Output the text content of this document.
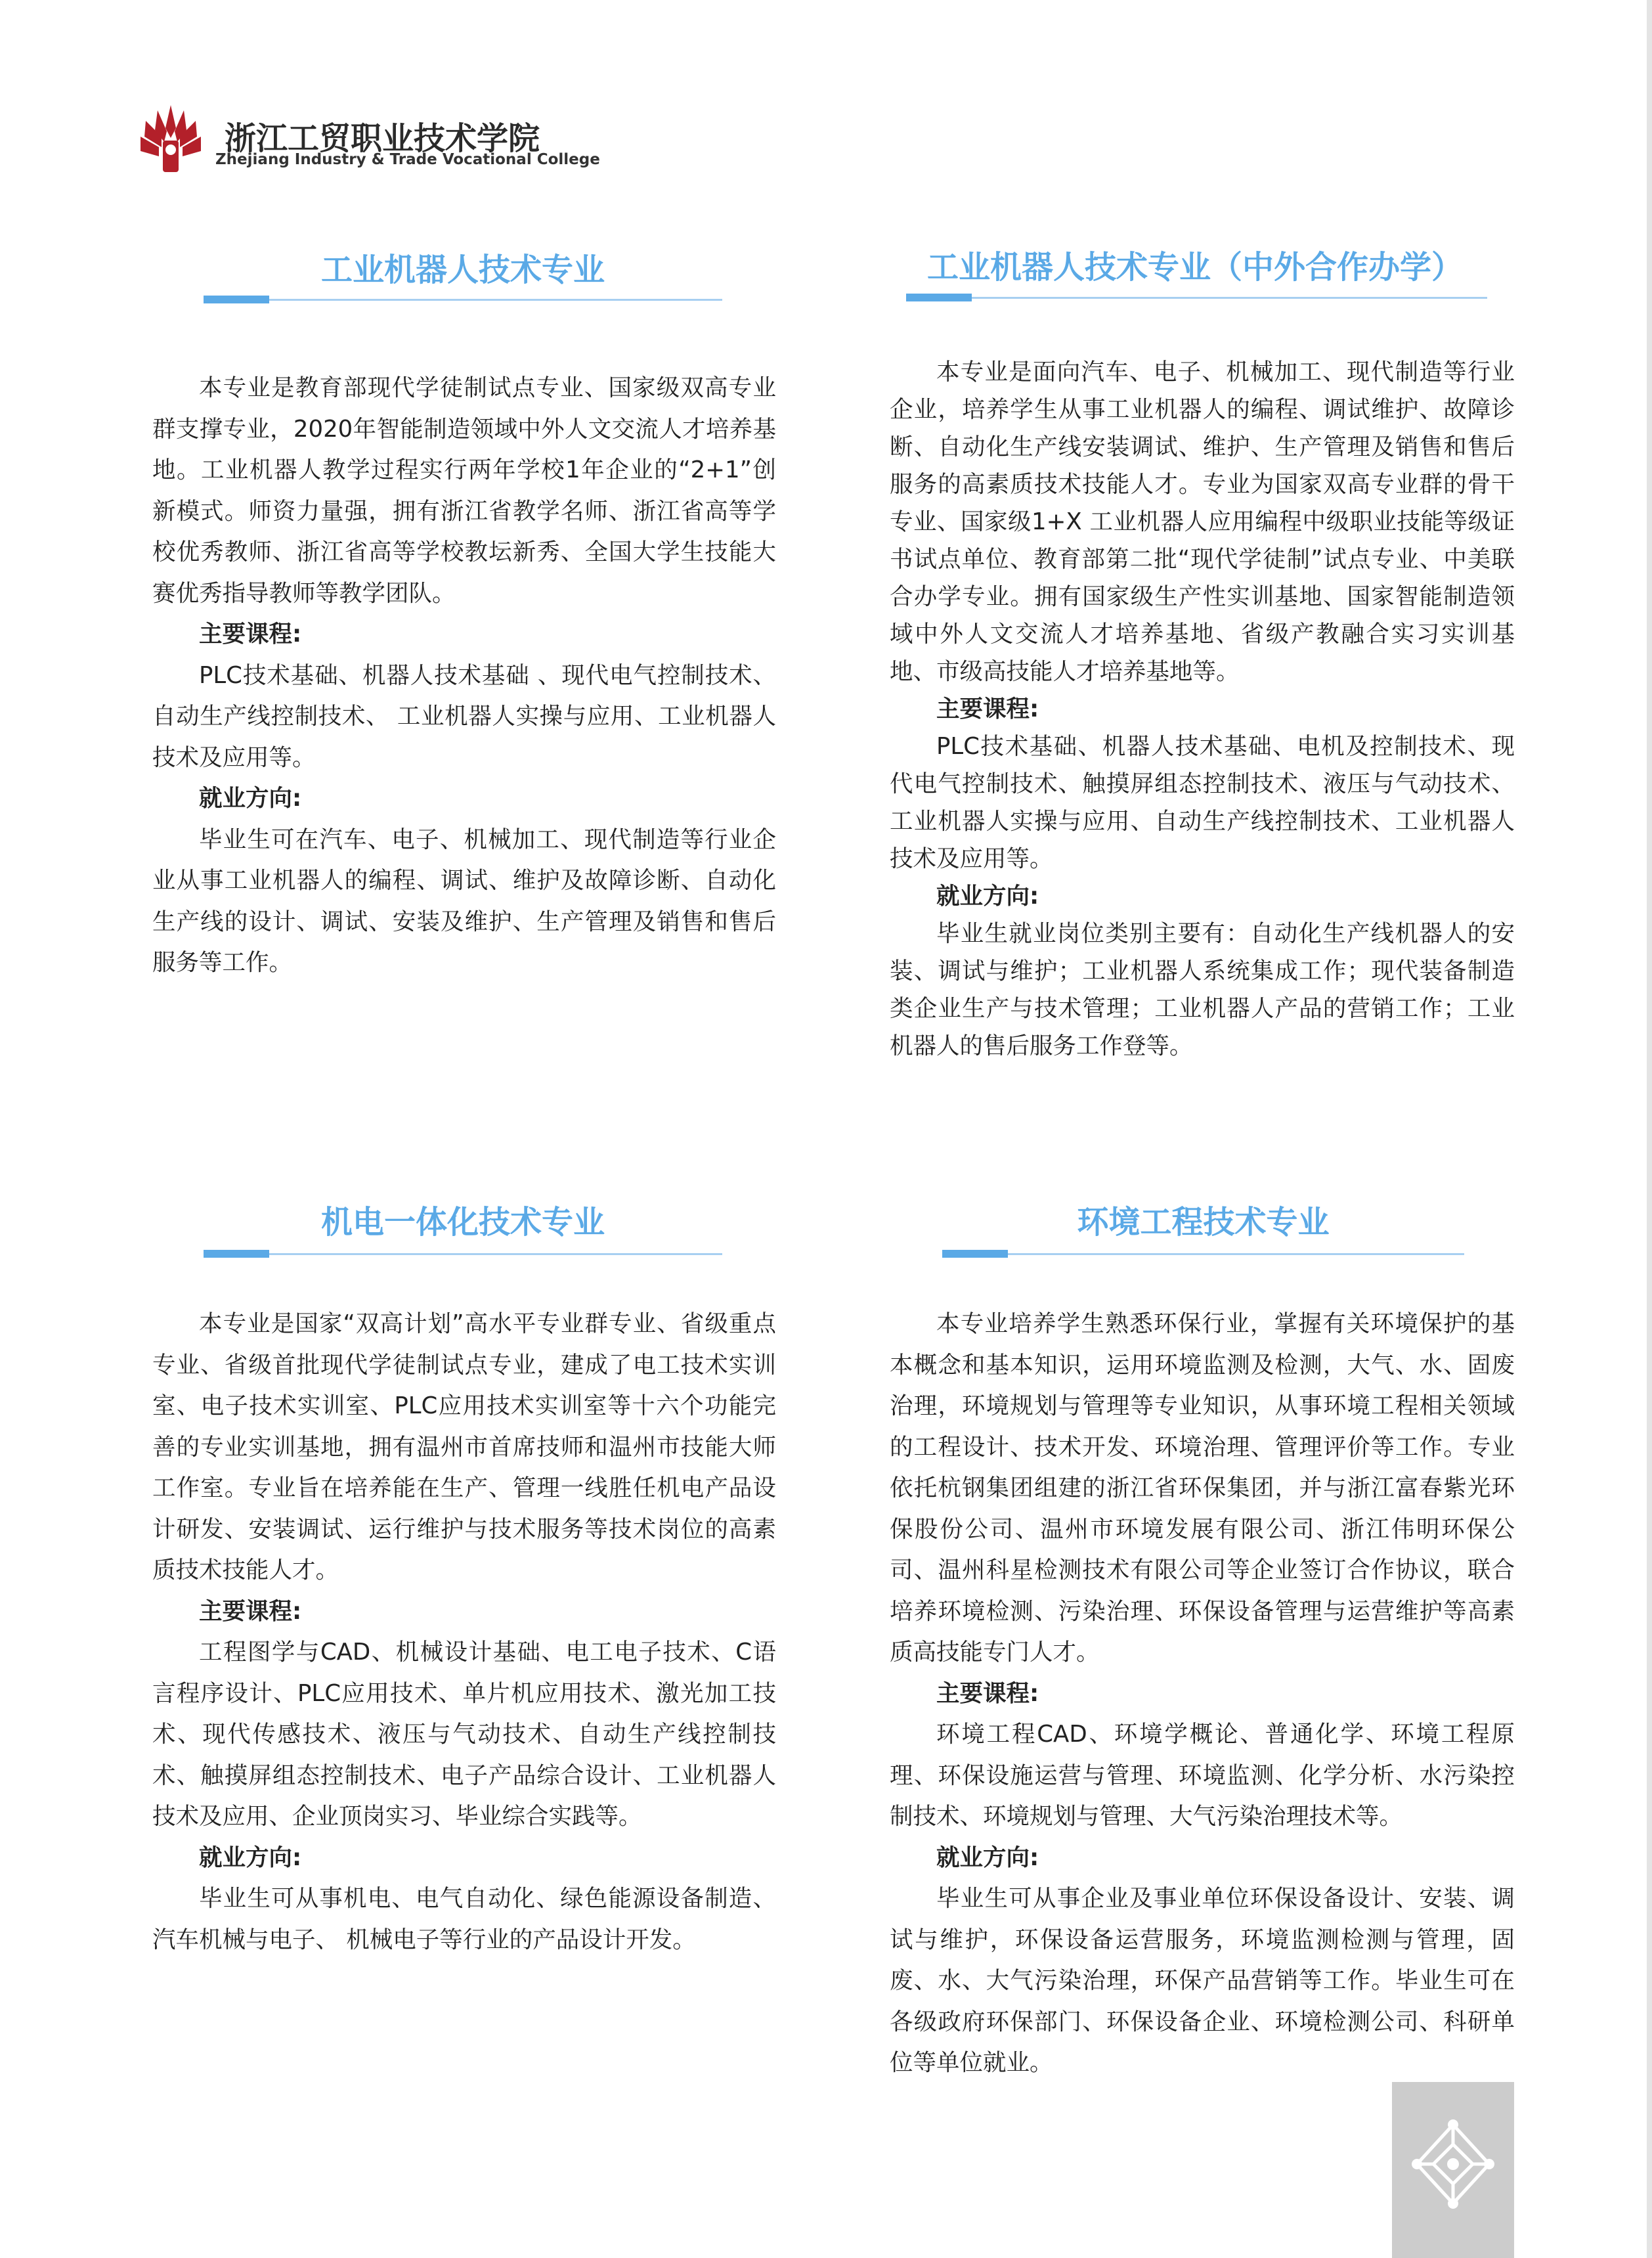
浙江工贸职业技术学院
Zhejiang Industry & Trade Vocational College
工业机器人技术专业

本专业是教育部现代学徒制试点专业、国家级双高专业群支撑专业，2020年智能制造领域中外人文交流人才培养基地。工业机器人教学过程实行两年学校1年企业的“2+1”创新模式。师资力量强，拥有浙江省教学名师、浙江省高等学校优秀教师、浙江省高等学校教坛新秀、全国大学生技能大赛优秀指导教师等教学团队。

主要课程:

PLC技术基础、机器人技术基础 、现代电气控制技术、自动生产线控制技术、 工业机器人实操与应用、工业机器人技术及应用等。

就业方向:

毕业生可在汽车、电子、机械加工、现代制造等行业企业从事工业机器人的编程、调试、维护及故障诊断、自动化生产线的设计、调试、安装及维护、生产管理及销售和售后服务等工作。

工业机器人技术专业（中外合作办学）

本专业是面向汽车、电子、机械加工、现代制造等行业企业，培养学生从事工业机器人的编程、调试维护、故障诊断、自动化生产线安装调试、维护、生产管理及销售和售后服务的高素质技术技能人才。专业为国家双高专业群的骨干专业、国家级1+X 工业机器人应用编程中级职业技能等级证书试点单位、教育部第二批“现代学徒制”试点专业、中美联合办学专业。拥有国家级生产性实训基地、国家智能制造领域中外人文交流人才培养基地、省级产教融合实习实训基地、市级高技能人才培养基地等。

主要课程:

PLC技术基础、机器人技术基础、电机及控制技术、现代电气控制技术、触摸屏组态控制技术、液压与气动技术、工业机器人实操与应用、自动生产线控制技术、工业机器人技术及应用等。

就业方向:

毕业生就业岗位类别主要有：自动化生产线机器人的安装、调试与维护；工业机器人系统集成工作；现代装备制造类企业生产与技术管理；工业机器人产品的营销工作；工业机器人的售后服务工作登等。

机电一体化技术专业

本专业是国家“双高计划”高水平专业群专业、省级重点专业、省级首批现代学徒制试点专业，建成了电工技术实训室、电子技术实训室、PLC应用技术实训室等十六个功能完善的专业实训基地，拥有温州市首席技师和温州市技能大师工作室。专业旨在培养能在生产、管理一线胜任机电产品设计研发、安装调试、运行维护与技术服务等技术岗位的高素质技术技能人才。

主要课程:

工程图学与CAD、机械设计基础、电工电子技术、C语言程序设计、PLC应用技术、单片机应用技术、激光加工技术、现代传感技术、液压与气动技术、自动生产线控制技术、触摸屏组态控制技术、电子产品综合设计、工业机器人技术及应用、企业顶岗实习、毕业综合实践等。

就业方向:

毕业生可从事机电、电气自动化、绿色能源设备制造、汽车机械与电子、 机械电子等行业的产品设计开发。

环境工程技术专业

本专业培养学生熟悉环保行业，掌握有关环境保护的基本概念和基本知识，运用环境监测及检测，大气、水、固废治理，环境规划与管理等专业知识，从事环境工程相关领域的工程设计、技术开发、环境治理、管理评价等工作。专业依托杭钢集团组建的浙江省环保集团，并与浙江富春紫光环保股份公司、温州市环境发展有限公司、浙江伟明环保公司、温州科星检测技术有限公司等企业签订合作协议，联合培养环境检测、污染治理、环保设备管理与运营维护等高素质高技能专门人才。

主要课程:

环境工程CAD、环境学概论、普通化学、环境工程原理、环保设施运营与管理、环境监测、化学分析、水污染控制技术、环境规划与管理、大气污染治理技术等。

就业方向:

毕业生可从事企业及事业单位环保设备设计、安装、调试与维护，环保设备运营服务，环境监测检测与管理，固废、水、大气污染治理，环保产品营销等工作。毕业生可在各级政府环保部门、环保设备企业、环境检测公司、科研单位等单位就业。
